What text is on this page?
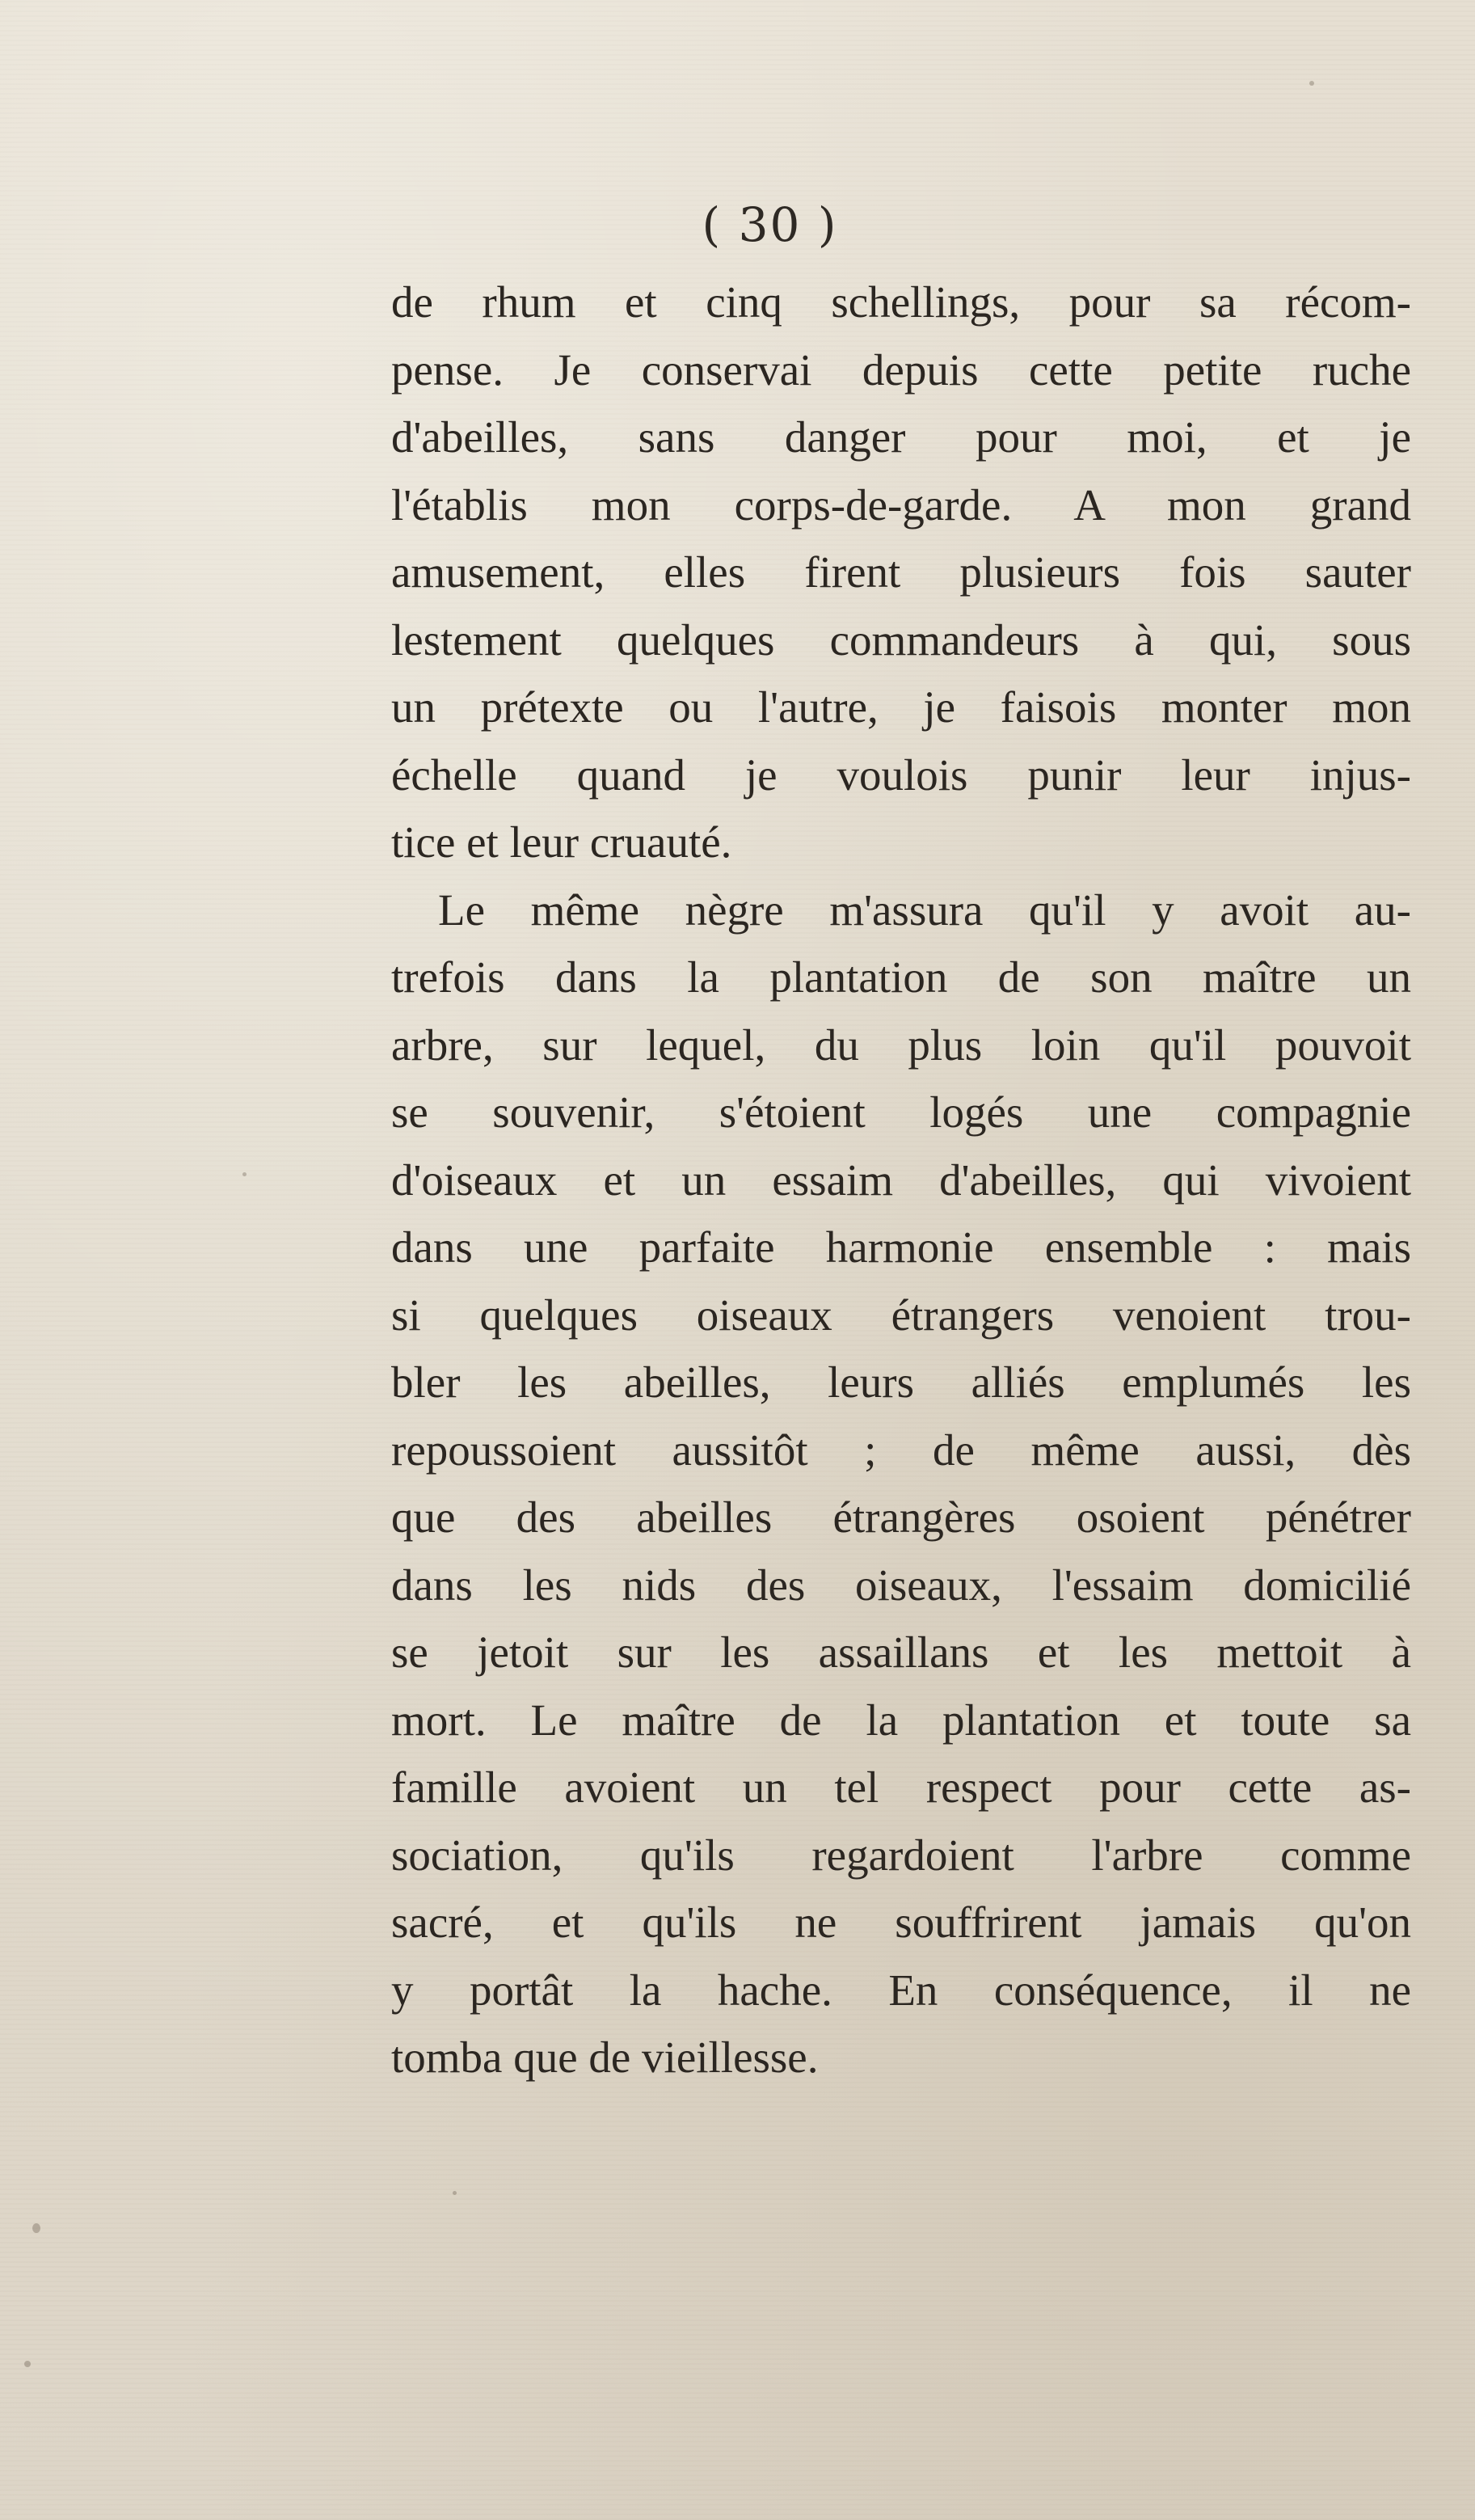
( 30 )
de rhum et cinq schellings, pour sa récom-
pense. Je conservai depuis cette petite ruche
d'abeilles, sans danger pour moi, et je
l'établis mon corps-de-garde. A mon grand
amusement, elles firent plusieurs fois sauter
lestement quelques commandeurs à qui, sous
un prétexte ou l'autre, je faisois monter mon
échelle quand je voulois punir leur injus-
tice et leur cruauté.
Le même nègre m'assura qu'il y avoit au-
trefois dans la plantation de son maître un
arbre, sur lequel, du plus loin qu'il pouvoit
se souvenir, s'étoient logés une compagnie
d'oiseaux et un essaim d'abeilles, qui vivoient
dans une parfaite harmonie ensemble : mais
si quelques oiseaux étrangers venoient trou-
bler les abeilles, leurs alliés emplumés les
repoussoient aussitôt ; de même aussi, dès
que des abeilles étrangères osoient pénétrer
dans les nids des oiseaux, l'essaim domicilié
se jetoit sur les assaillans et les mettoit à
mort. Le maître de la plantation et toute sa
famille avoient un tel respect pour cette as-
sociation, qu'ils regardoient l'arbre comme
sacré, et qu'ils ne souffrirent jamais qu'on
y portât la hache. En conséquence, il ne
tomba que de vieillesse.
